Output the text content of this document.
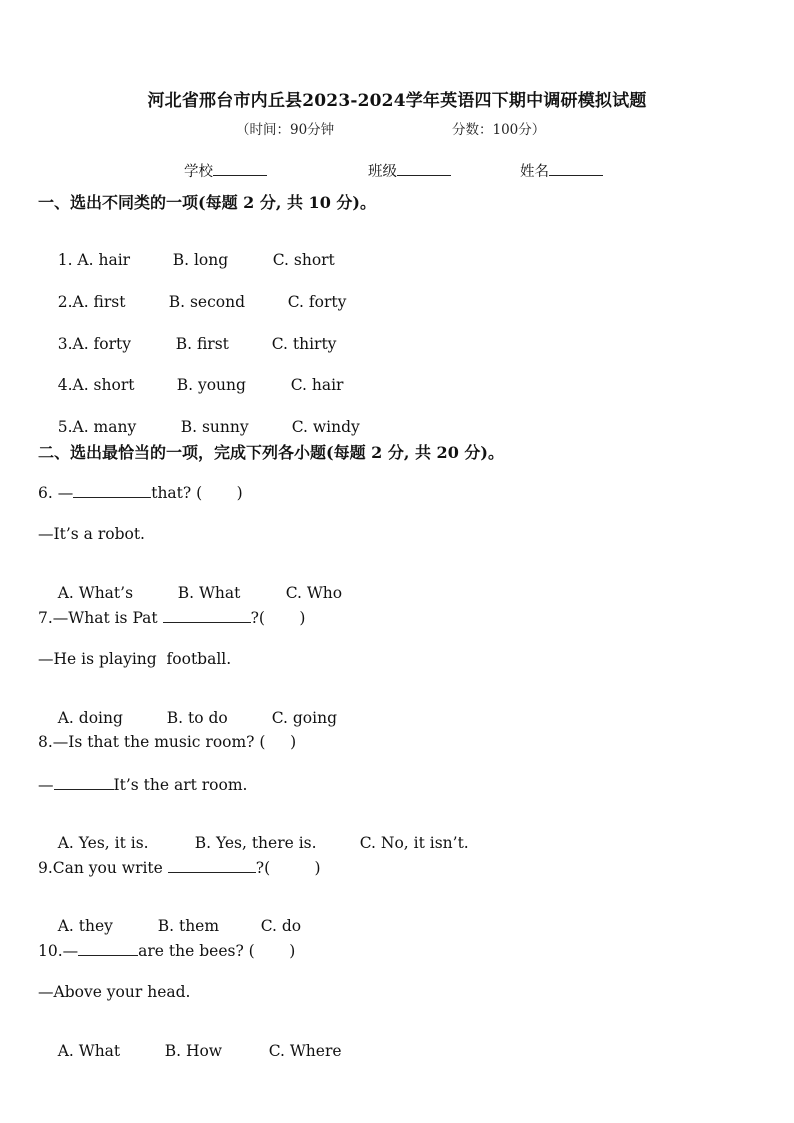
河北省邢台市内丘县2023-2024学年英语四下期中调研模拟试题
（时间：90分钟	分数：100分）
学校	班级	姓名
一、选出不同类的一项(每题 2 分, 共 10 分)。

1. A. hair	B. long	C. short

2.A. first	B. second	C. forty

3.A. forty	B. first	C. thirty

4.A. short	B. young	C. hair

5.A. many	B. sunny	C. windy

二、选出最恰当的一项，完成下列各小题(每题 2 分, 共 20 分)。
6. —	that? (       )
—It’s a robot.

A. What’s	B. What	C. Who

7.—What is Pat	?(       )
—He is playing  football.

A. doing	B. to do	C. going

8.—Is that the music room? (     )
—	It’s the art room.

A. Yes, it is.	B. Yes, there is.	C. No, it isn’t.

9.Can you write	?(         )

A. they	B. them	C. do

10.—	are the bees? (       )
—Above your head.

A. What	B. How	C. Where
